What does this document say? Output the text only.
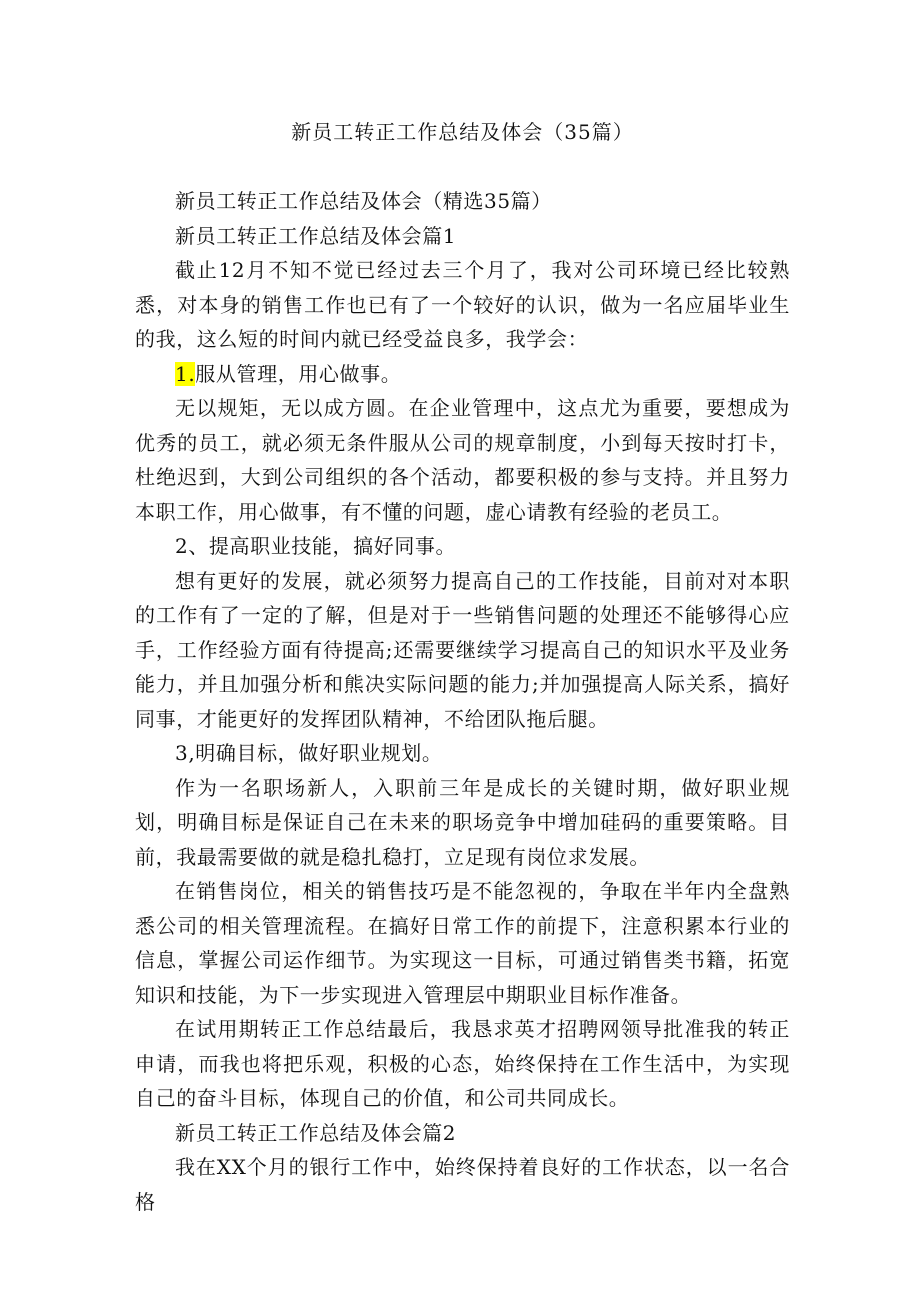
新员工转正工作总结及体会（35篇）

新员工转正工作总结及体会（精选35篇）

新员工转正工作总结及体会篇1

截止12月不知不觉已经过去三个月了，我对公司环境已经比较熟悉，对本身的销售工作也已有了一个较好的认识，做为一名应届毕业生的我，这么短的时间内就已经受益良多，我学会：

1.服从管理，用心做事。

无以规矩，无以成方圆。在企业管理中，这点尤为重要，要想成为优秀的员工，就必须无条件服从公司的规章制度，小到每天按时打卡，杜绝迟到，大到公司组织的各个活动，都要积极的参与支持。并且努力本职工作，用心做事，有不懂的问题，虚心请教有经验的老员工。

2、提高职业技能，搞好同事。

想有更好的发展，就必须努力提高自己的工作技能，目前对对本职的工作有了一定的了解，但是对于一些销售问题的处理还不能够得心应手，工作经验方面有待提高;还需要继续学习提高自己的知识水平及业务能力，并且加强分析和熊决实际问题的能力;并加强提高人际关系，搞好同事，才能更好的发挥团队精神，不给团队拖后腿。

3,明确目标，做好职业规划。

作为一名职场新人，入职前三年是成长的关键时期，做好职业规划，明确目标是保证自己在未来的职场竞争中增加硅码的重要策略。目前，我最需要做的就是稳扎稳打，立足现有岗位求发展。

在销售岗位，相关的销售技巧是不能忽视的，争取在半年内全盘熟悉公司的相关管理流程。在搞好日常工作的前提下，注意积累本行业的信息，掌握公司运作细节。为实现这一目标，可通过销售类书籍，拓宽知识和技能，为下一步实现进入管理层中期职业目标作准备。

在试用期转正工作总结最后，我恳求英才招聘网领导批准我的转正申请，而我也将把乐观，积极的心态，始终保持在工作生活中，为实现自己的奋斗目标，体现自己的价值，和公司共同成长。

新员工转正工作总结及体会篇2

我在XX个月的银行工作中，始终保持着良好的工作状态，以一名合格
